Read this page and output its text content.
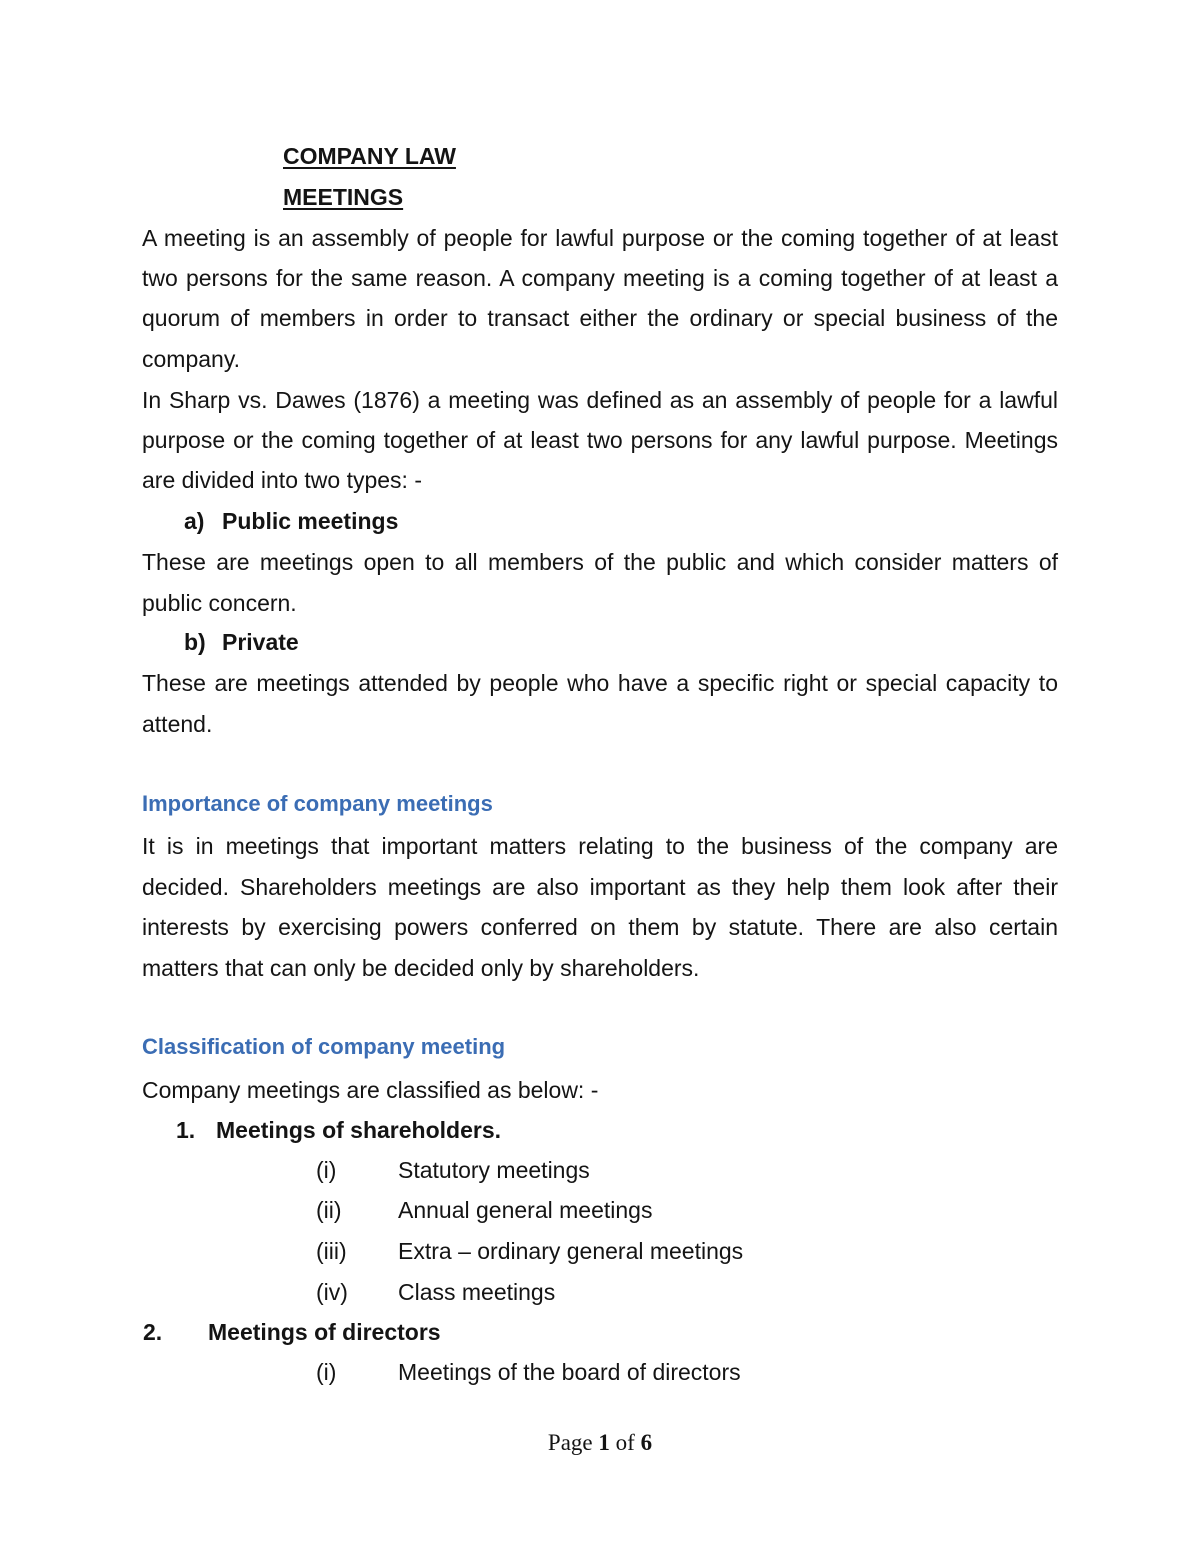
COMPANY LAW

MEETINGS

A meeting is an assembly of people for lawful purpose or the coming together of at least

two persons for the same reason. A company meeting is a coming together of at least a

quorum of members in order to transact either the ordinary or special business of the

company.

In Sharp vs. Dawes (1876) a meeting was defined as an assembly of people for a lawful

purpose or the coming together of at least two persons for any lawful purpose. Meetings

are divided into two types: -

a) Public meetings

These are meetings open to all members of the public and which consider matters of

public concern.

b) Private

These are meetings attended by people who have a specific right or special capacity to

attend.

Importance of company meetings

It is in meetings that important matters relating to the business of the company are

decided. Shareholders meetings are also important as they help them look after their

interests by exercising powers conferred on them by statute. There are also certain

matters that can only be decided only by shareholders.

Classification of company meeting

Company meetings are classified as below: -

1. Meetings of shareholders.

(i)	Statutory meetings

(ii) Annual general meetings

(iii) Extra – ordinary general meetings

(iv) Class meetings

2. Meetings of directors

(i)	Meetings of the board of directors

Page 1 of 6
